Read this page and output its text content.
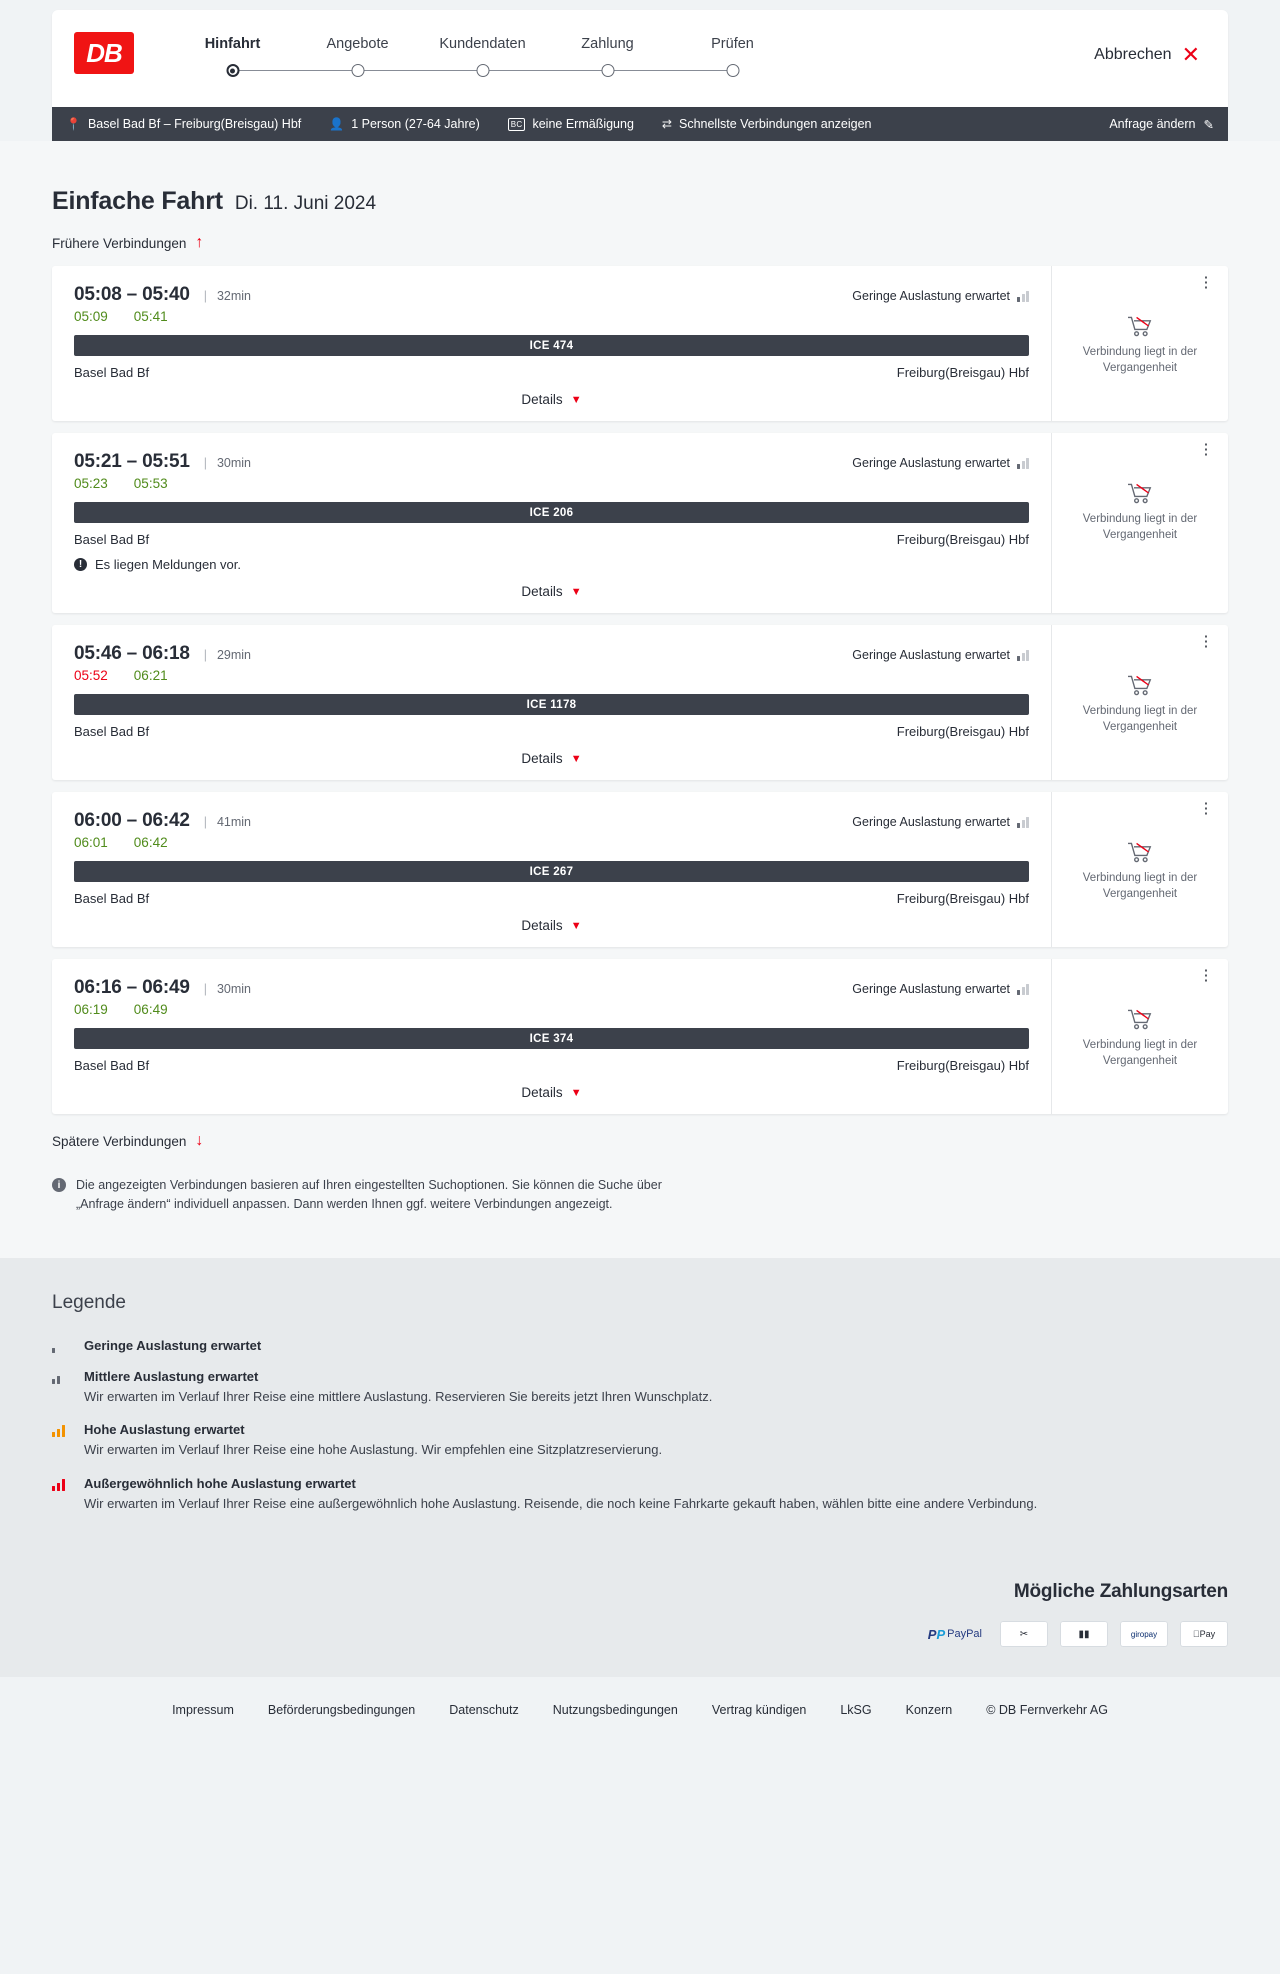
DB	Hinfahrt	Angebote	Kundendaten	Zahlung	Prüfen
Abbrechen ✕
📍 Basel Bad Bf – Freiburg(Breisgau) Hbf 👤 1 Person (27-64 Jahre)	BC keine Ermäßigung ⇄ Schnellste Verbindungen anzeigen	Anfrage ändern ✎
Einfache Fahrt Di. 11. Juni 2024
Frühere Verbindungen ↑
05:08 – 05:40 | 32min	Geringe Auslastung erwartet
05:09 05:41
ICE 474
Basel Bad Bf	Freiburg(Breisgau) Hbf
Details ▼
⋮
Verbindung liegt in der Vergangenheit
05:21 – 05:51 | 30min	Geringe Auslastung erwartet
05:23 05:53
ICE 206
Basel Bad Bf	Freiburg(Breisgau) Hbf
! Es liegen Meldungen vor.
Details ▼
⋮
Verbindung liegt in der Vergangenheit
05:46 – 06:18 | 29min	Geringe Auslastung erwartet
05:52 06:21
ICE 1178
Basel Bad Bf	Freiburg(Breisgau) Hbf
Details ▼
⋮
Verbindung liegt in der Vergangenheit
06:00 – 06:42 | 41min	Geringe Auslastung erwartet
06:01 06:42
ICE 267
Basel Bad Bf	Freiburg(Breisgau) Hbf
Details ▼
⋮
Verbindung liegt in der Vergangenheit
06:16 – 06:49 | 30min	Geringe Auslastung erwartet
06:19 06:49
ICE 374
Basel Bad Bf	Freiburg(Breisgau) Hbf
Details ▼
⋮
Verbindung liegt in der Vergangenheit
Spätere Verbindungen ↓
i	Die angezeigten Verbindungen basieren auf Ihren eingestellten Suchoptionen. Sie können die Suche über „Anfrage ändern“ individuell anpassen. Dann werden Ihnen ggf. weitere Verbindungen angezeigt.
Legende
Geringe Auslastung erwartet
Mittlere Auslastung erwartet
Wir erwarten im Verlauf Ihrer Reise eine mittlere Auslastung. Reservieren Sie bereits jetzt Ihren Wunschplatz.
Hohe Auslastung erwartet
Wir erwarten im Verlauf Ihrer Reise eine hohe Auslastung. Wir empfehlen eine Sitzplatzreservierung.
Außergewöhnlich hohe Auslastung erwartet
Wir erwarten im Verlauf Ihrer Reise eine außergewöhnlich hohe Auslastung. Reisende, die noch keine Fahrkarte gekauft haben, wählen bitte eine andere Verbindung.
Mögliche Zahlungsarten
P P PayPal	✂	▮▮	giropay	Pay
Impressum	Beförderungsbedingungen	Datenschutz	Nutzungsbedingungen	Vertrag kündigen	LkSG	Konzern	© DB Fernverkehr AG
